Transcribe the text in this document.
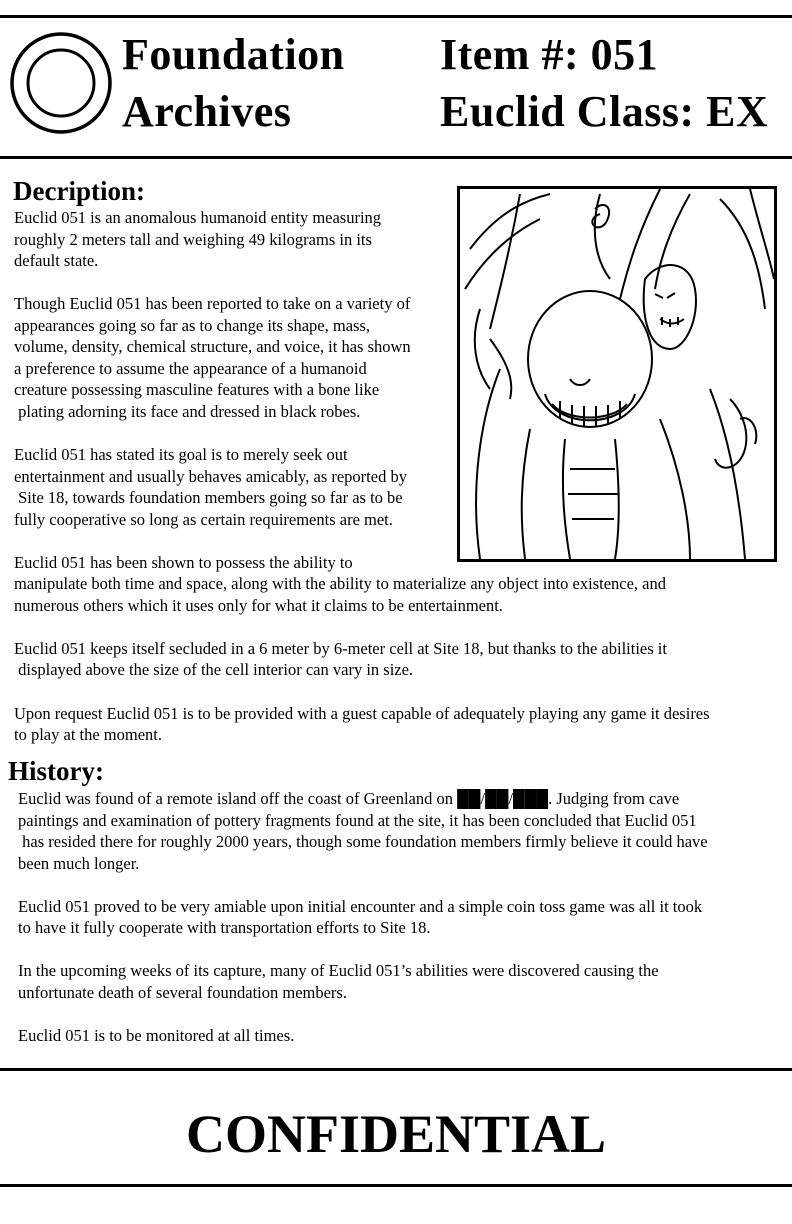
Foundation
Archives
Item #: 051
Euclid Class: EX
Decription:
Euclid 051 is an anomalous humanoid entity measuring
roughly 2 meters tall and weighing 49 kilograms in its
default state.
Though Euclid 051 has been reported to take on a variety of
appearances going so far as to change its shape, mass,
volume, density, chemical structure, and voice, it has shown
a preference to assume the appearance of a humanoid
creature possessing masculine features with a bone like
plating adorning its face and dressed in black robes.
Euclid 051 has stated its goal is to merely seek out
entertainment and usually behaves amicably, as reported by
Site 18, towards foundation members going so far as to be
fully cooperative so long as certain requirements are met.
Euclid 051 has been shown to possess the ability to
manipulate both time and space, along with the ability to materialize any object into existence, and
numerous others which it uses only for what it claims to be entertainment.
Euclid 051 keeps itself secluded in a 6 meter by 6-meter cell at Site 18, but thanks to the abilities it
displayed above the size of the cell interior can vary in size.
Upon request Euclid 051 is to be provided with a guest capable of adequately playing any game it desires
to play at the moment.
History:
Euclid was found of a remote island off the coast of Greenland on ██/██/███. Judging from cave
paintings and examination of pottery fragments found at the site, it has been concluded that Euclid 051
has resided there for roughly 2000 years, though some foundation members firmly believe it could have
been much longer.
Euclid 051 proved to be very amiable upon initial encounter and a simple coin toss game was all it took
to have it fully cooperate with transportation efforts to Site 18.
In the upcoming weeks of its capture, many of Euclid 051’s abilities were discovered causing the
unfortunate death of several foundation members.
Euclid 051 is to be monitored at all times.
CONFIDENTIAL
